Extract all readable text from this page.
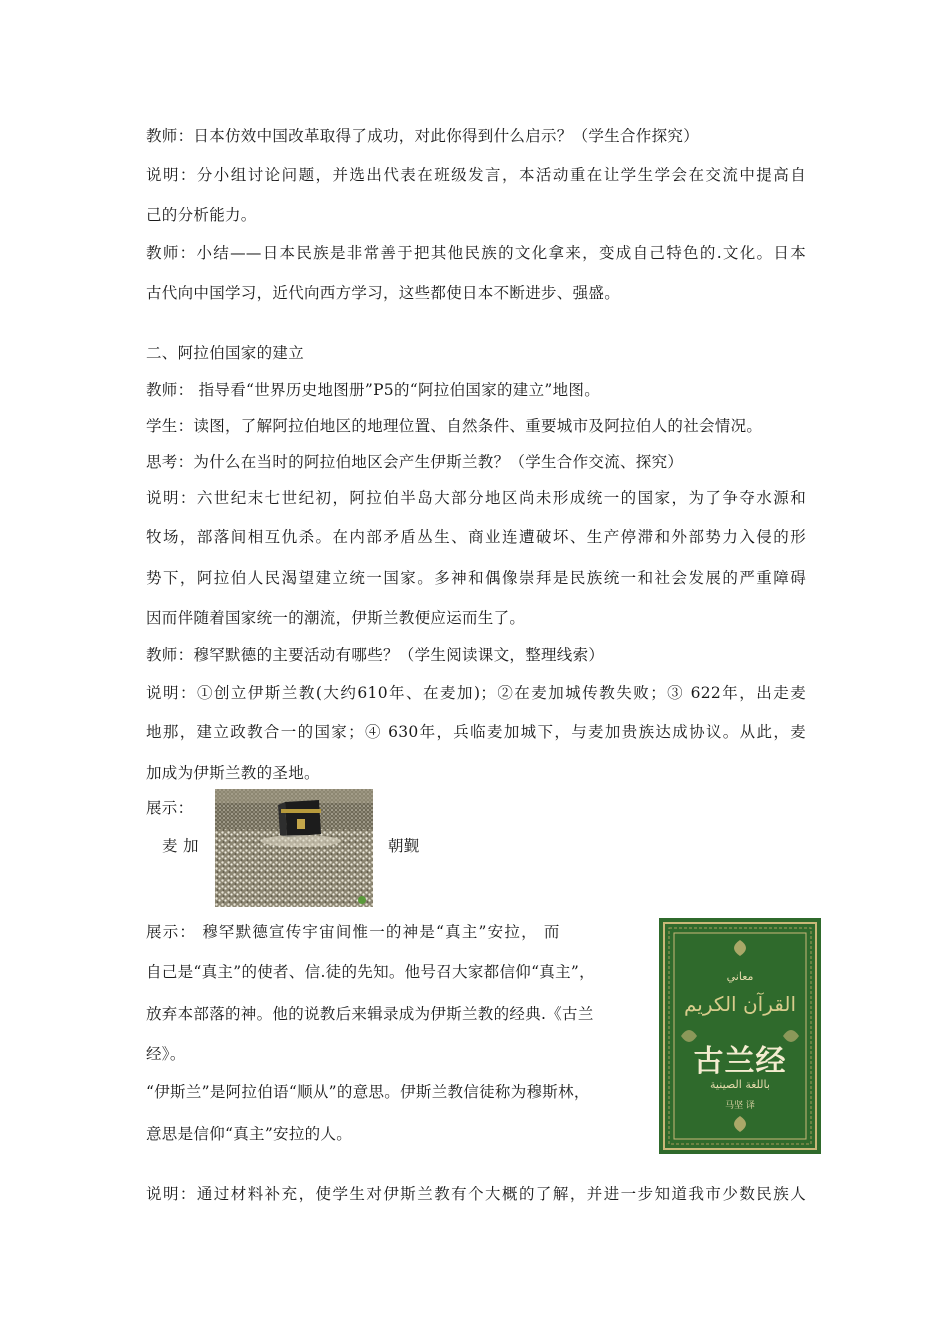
教师：日本仿效中国改革取得了成功，对此你得到什么启示？（学生合作探究）
说明：分小组讨论问题，并选出代表在班级发言，本活动重在让学生学会在交流中提高自
己的分析能力。
教师：小结——日本民族是非常善于把其他民族的文化拿来，变成自己特色的.文化。日本
古代向中国学习，近代向西方学习，这些都使日本不断进步、强盛。
二、阿拉伯国家的建立
教师： 指导看“世界历史地图册”P5的“阿拉伯国家的建立”地图。
学生：读图，了解阿拉伯地区的地理位置、自然条件、重要城市及阿拉伯人的社会情况。
思考：为什么在当时的阿拉伯地区会产生伊斯兰教？（学生合作交流、探究）
说明：六世纪末七世纪初，阿拉伯半岛大部分地区尚未形成统一的国家，为了争夺水源和
牧场，部落间相互仇杀。在内部矛盾丛生、商业连遭破坏、生产停滞和外部势力入侵的形
势下，阿拉伯人民渴望建立统一国家。多神和偶像崇拜是民族统一和社会发展的严重障碍
因而伴随着国家统一的潮流，伊斯兰教便应运而生了。
教师：穆罕默德的主要活动有哪些？（学生阅读课文，整理线索）
说明：①创立伊斯兰教(大约610年、在麦加)；②在麦加城传教失败；③ 622年，出走麦
地那，建立政教合一的国家；④ 630年，兵临麦加城下，与麦加贵族达成协议。从此，麦
加成为伊斯兰教的圣地。
展示：
麦 加	朝觐
展示： 穆罕默德宣传宇宙间惟一的神是“真主”安拉， 而
自己是“真主”的使者、信.徒的先知。他号召大家都信仰“真主”，
放弃本部落的神。他的说教后来辑录成为伊斯兰教的经典.《古兰
经》。
“伊斯兰”是阿拉伯语“顺从”的意思。伊斯兰教信徒称为穆斯林，
意思是信仰“真主”安拉的人。
معاني
القرآن الكريم
古兰经
باللغة الصينية
马坚 译
说明：通过材料补充，使学生对伊斯兰教有个大概的了解，并进一步知道我市少数民族人
